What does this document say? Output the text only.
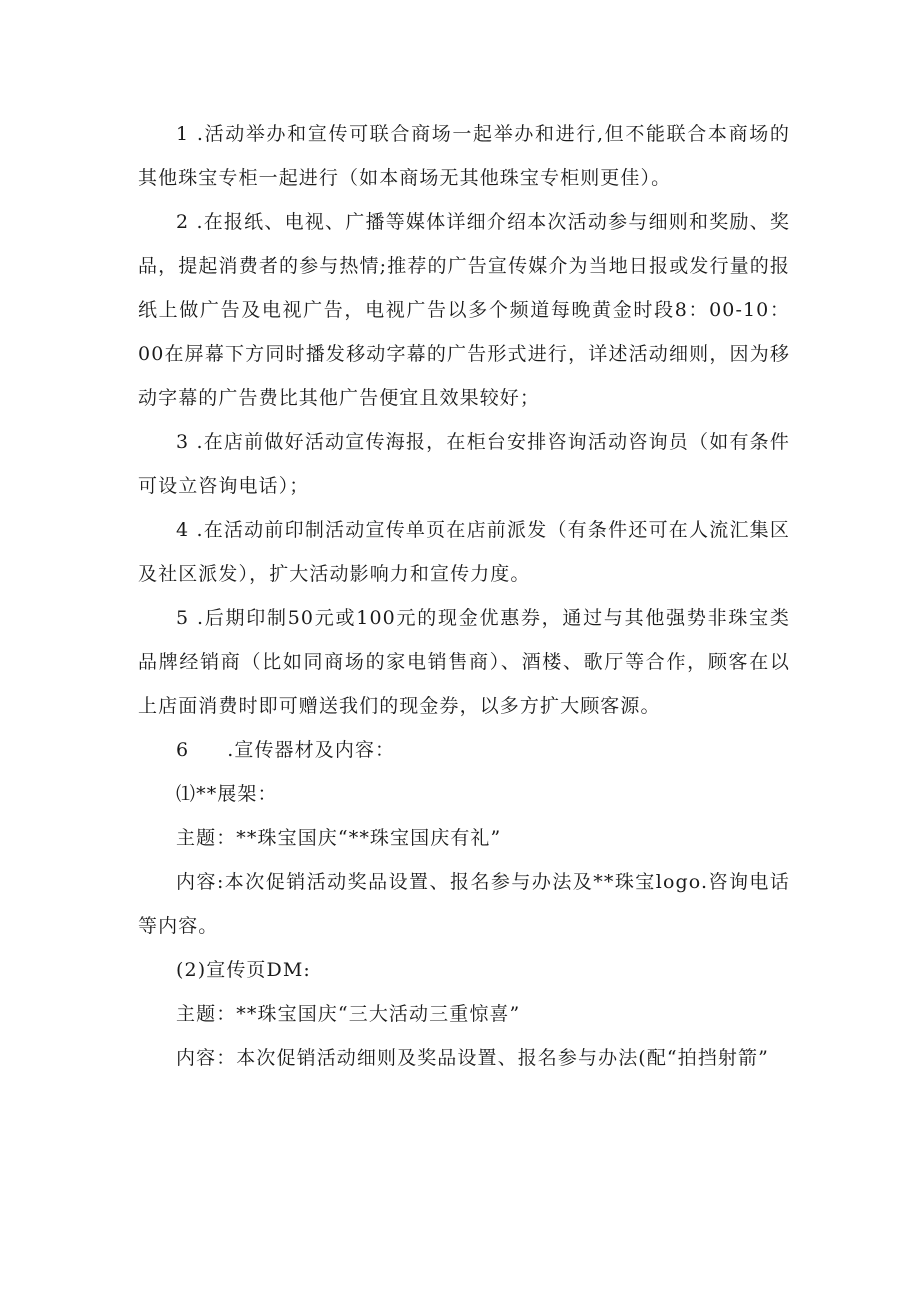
1 .活动举办和宣传可联合商场一起举办和进行,但不能联合本商场的其他珠宝专柜一起进行（如本商场无其他珠宝专柜则更佳）。

2 .在报纸、电视、广播等媒体详细介绍本次活动参与细则和奖励、奖品，提起消费者的参与热情;推荐的广告宣传媒介为当地日报或发行量的报纸上做广告及电视广告，电视广告以多个频道每晚黄金时段8：00-10：00在屏幕下方同时播发移动字幕的广告形式进行，详述活动细则，因为移动字幕的广告费比其他广告便宜且效果较好；

3 .在店前做好活动宣传海报，在柜台安排咨询活动咨询员（如有条件可设立咨询电话）；

4 .在活动前印制活动宣传单页在店前派发（有条件还可在人流汇集区及社区派发），扩大活动影响力和宣传力度。

5 .后期印制50元或100元的现金优惠券，通过与其他强势非珠宝类品牌经销商（比如同商场的家电销售商）、酒楼、歌厅等合作，顾客在以上店面消费时即可赠送我们的现金券，以多方扩大顾客源。

6 .宣传器材及内容：

⑴**展架：

主题：**珠宝国庆“**珠宝国庆有礼”

内容:本次促销活动奖品设置、报名参与办法及**珠宝logo.咨询电话等内容。

(2)宣传页DM:

主题：**珠宝国庆“三大活动三重惊喜”

内容：本次促销活动细则及奖品设置、报名参与办法(配“拍挡射箭”
